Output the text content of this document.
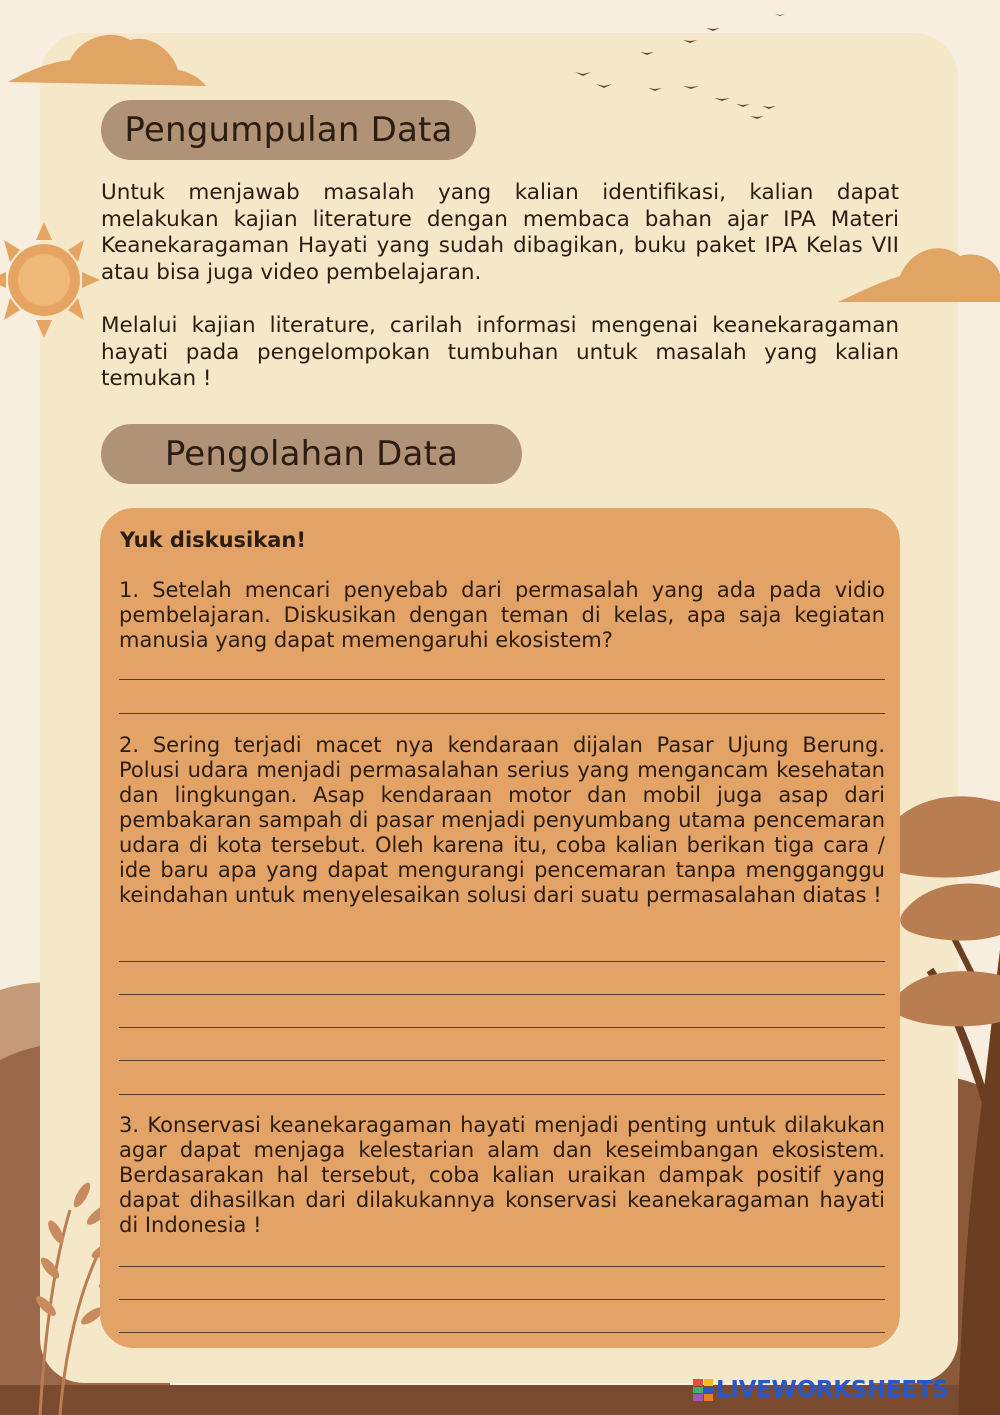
Pengumpulan Data
Untuk menjawab masalah yang kalian identifikasi, kalian dapat melakukan kajian literature dengan membaca bahan ajar IPA Materi Keanekaragaman Hayati yang sudah dibagikan, buku paket IPA Kelas VII atau bisa juga video pembelajaran.
Melalui kajian literature, carilah informasi mengenai keanekaragaman hayati pada pengelompokan tumbuhan untuk masalah yang kalian temukan !
Pengolahan Data
Yuk diskusikan!
1. Setelah mencari penyebab dari permasalah yang ada pada vidio pembelajaran. Diskusikan dengan teman di kelas, apa saja kegiatan manusia yang dapat memengaruhi ekosistem?
2. Sering terjadi macet nya kendaraan dijalan Pasar Ujung Berung. Polusi udara menjadi permasalahan serius yang mengancam kesehatan dan lingkungan. Asap kendaraan motor dan mobil juga asap dari pembakaran sampah di pasar menjadi penyumbang utama pencemaran udara di kota tersebut. Oleh karena itu, coba kalian berikan tiga cara / ide baru apa yang dapat mengurangi pencemaran tanpa mengganggu keindahan untuk menyelesaikan solusi dari suatu permasalahan diatas !
3. Konservasi keanekaragaman hayati menjadi penting untuk dilakukan agar dapat menjaga kelestarian alam dan keseimbangan ekosistem. Berdasarakan hal tersebut, coba kalian uraikan dampak positif yang dapat dihasilkan dari dilakukannya konservasi keanekaragaman hayati di Indonesia !
LIVEWORKSHEETS
